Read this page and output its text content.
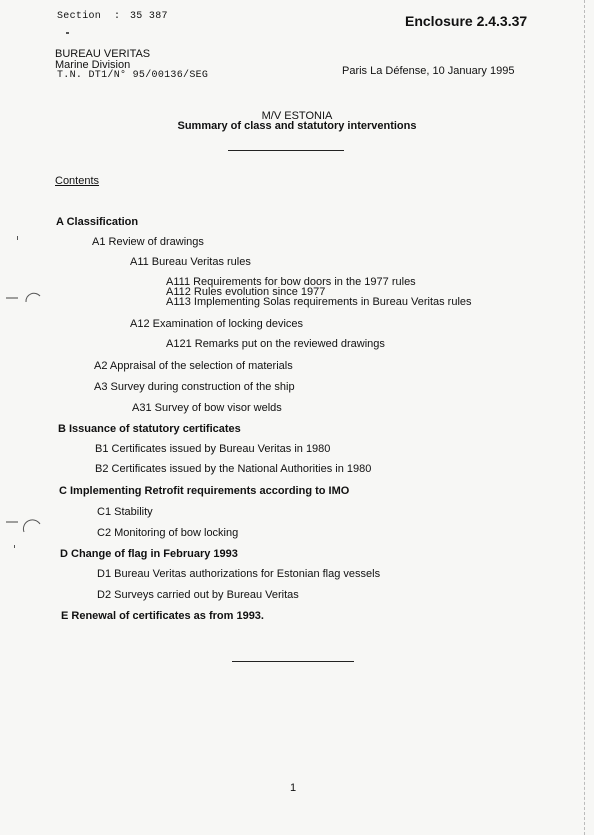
Section : 35 387	Enclosure 2.4.3.37
BUREAU VERITAS
Marine Division
T.N. DT1/N° 95/00136/SEG	Paris La Défense, 10 January 1995
M/V ESTONIA
Summary of class and statutory interventions
Contents
A Classification
A1 Review of drawings
A11 Bureau Veritas rules
A111 Requirements for bow doors in the 1977 rules
A112 Rules evolution since 1977
A113 Implementing Solas requirements in Bureau Veritas rules
A12 Examination of locking devices
A121 Remarks put on the reviewed drawings
A2 Appraisal of the selection of materials
A3 Survey during construction of the ship
A31 Survey of bow visor welds
B Issuance of statutory certificates
B1 Certificates issued by Bureau Veritas in 1980
B2 Certificates issued by the National Authorities in 1980
C Implementing Retrofit requirements according to IMO
C1 Stability
C2 Monitoring of bow locking
D Change of flag in February 1993
D1 Bureau Veritas authorizations for Estonian flag vessels
D2 Surveys carried out by Bureau Veritas
E Renewal of certificates as from 1993.
1
